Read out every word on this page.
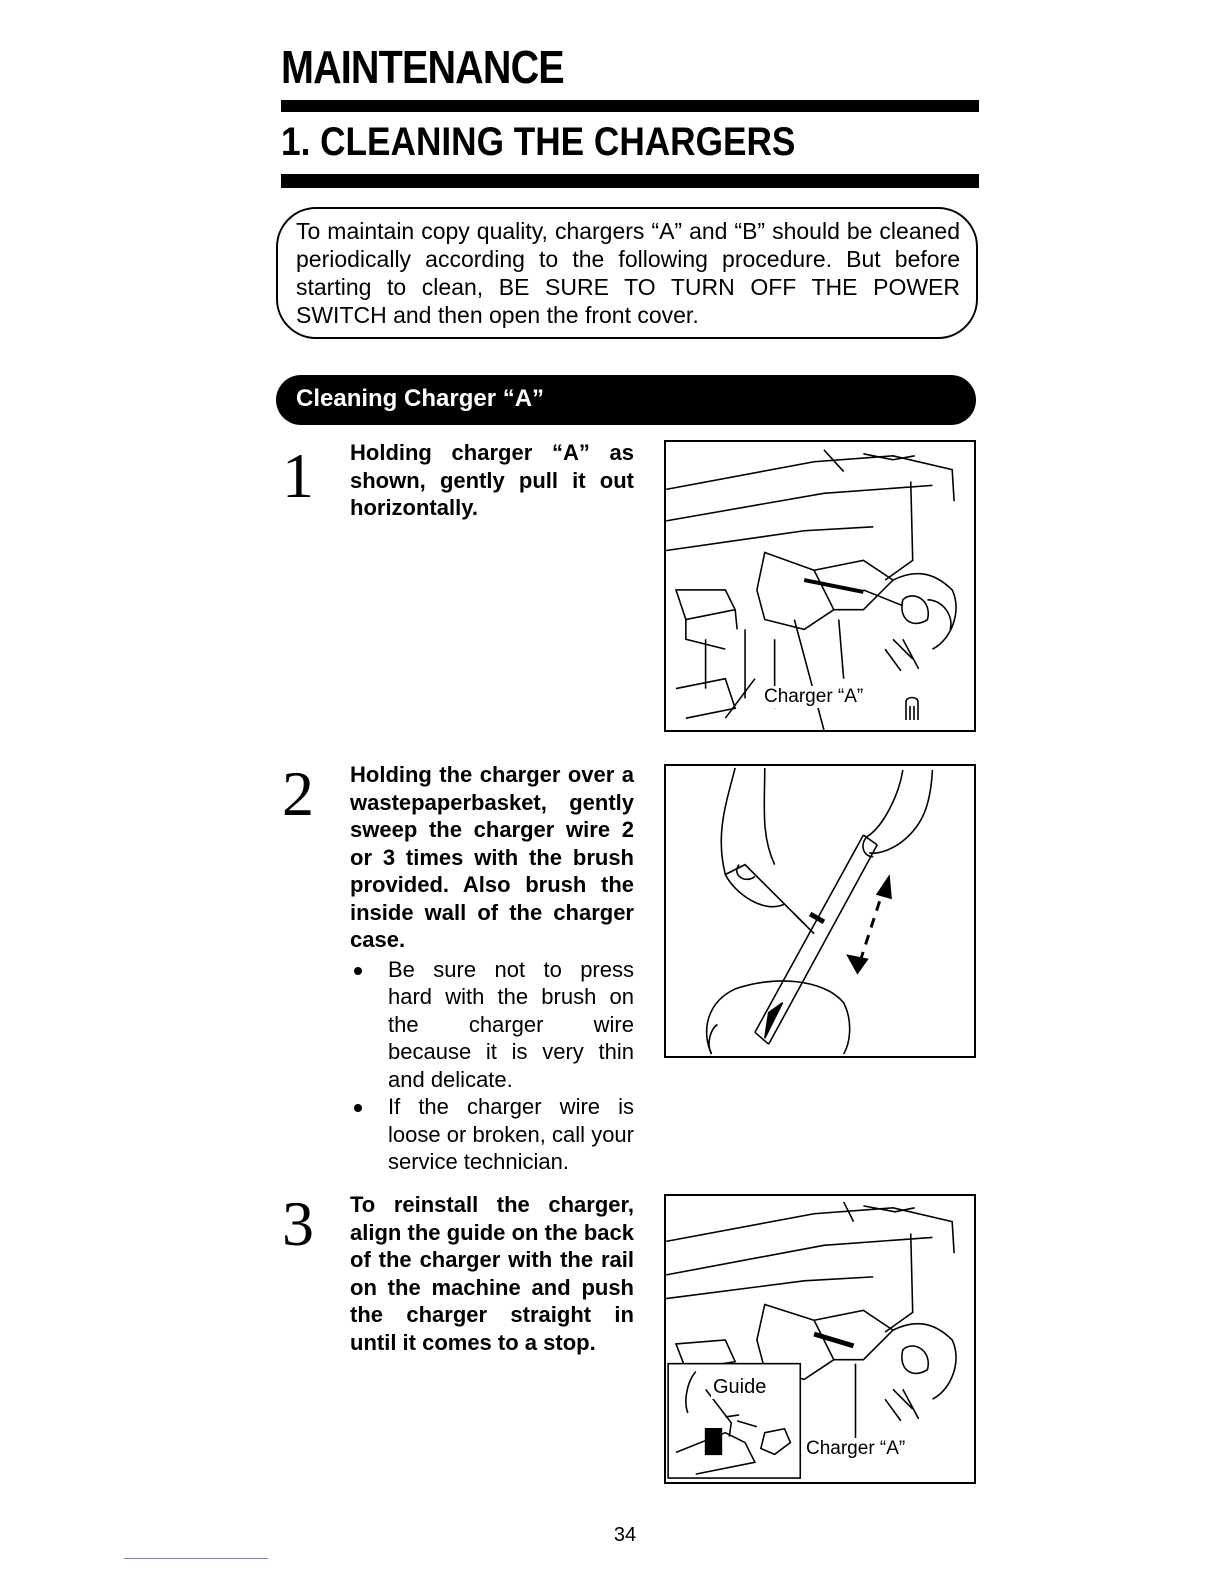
MAINTENANCE
1. CLEANING THE CHARGERS
To maintain copy quality, chargers “A” and “B” should be cleaned periodically according to the following procedure. But before starting to clean, BE SURE TO TURN OFF THE POWER SWITCH and then open the front cover.
Cleaning Charger “A”
1 Holding charger “A” as shown, gently pull it out horizontally.
Charger “A”
2 Holding the charger over a wastepaperbasket, gently sweep the charger wire 2 or 3 times with the brush provided. Also brush the inside wall of the charger case.
Be sure not to press hard with the brush on the charger wire because it is very thin and delicate.
If the charger wire is loose or broken, call your service technician.
3 To reinstall the charger, align the guide on the back of the charger with the rail on the machine and push the charger straight in until it comes to a stop.
Guide
Charger “A”
34
